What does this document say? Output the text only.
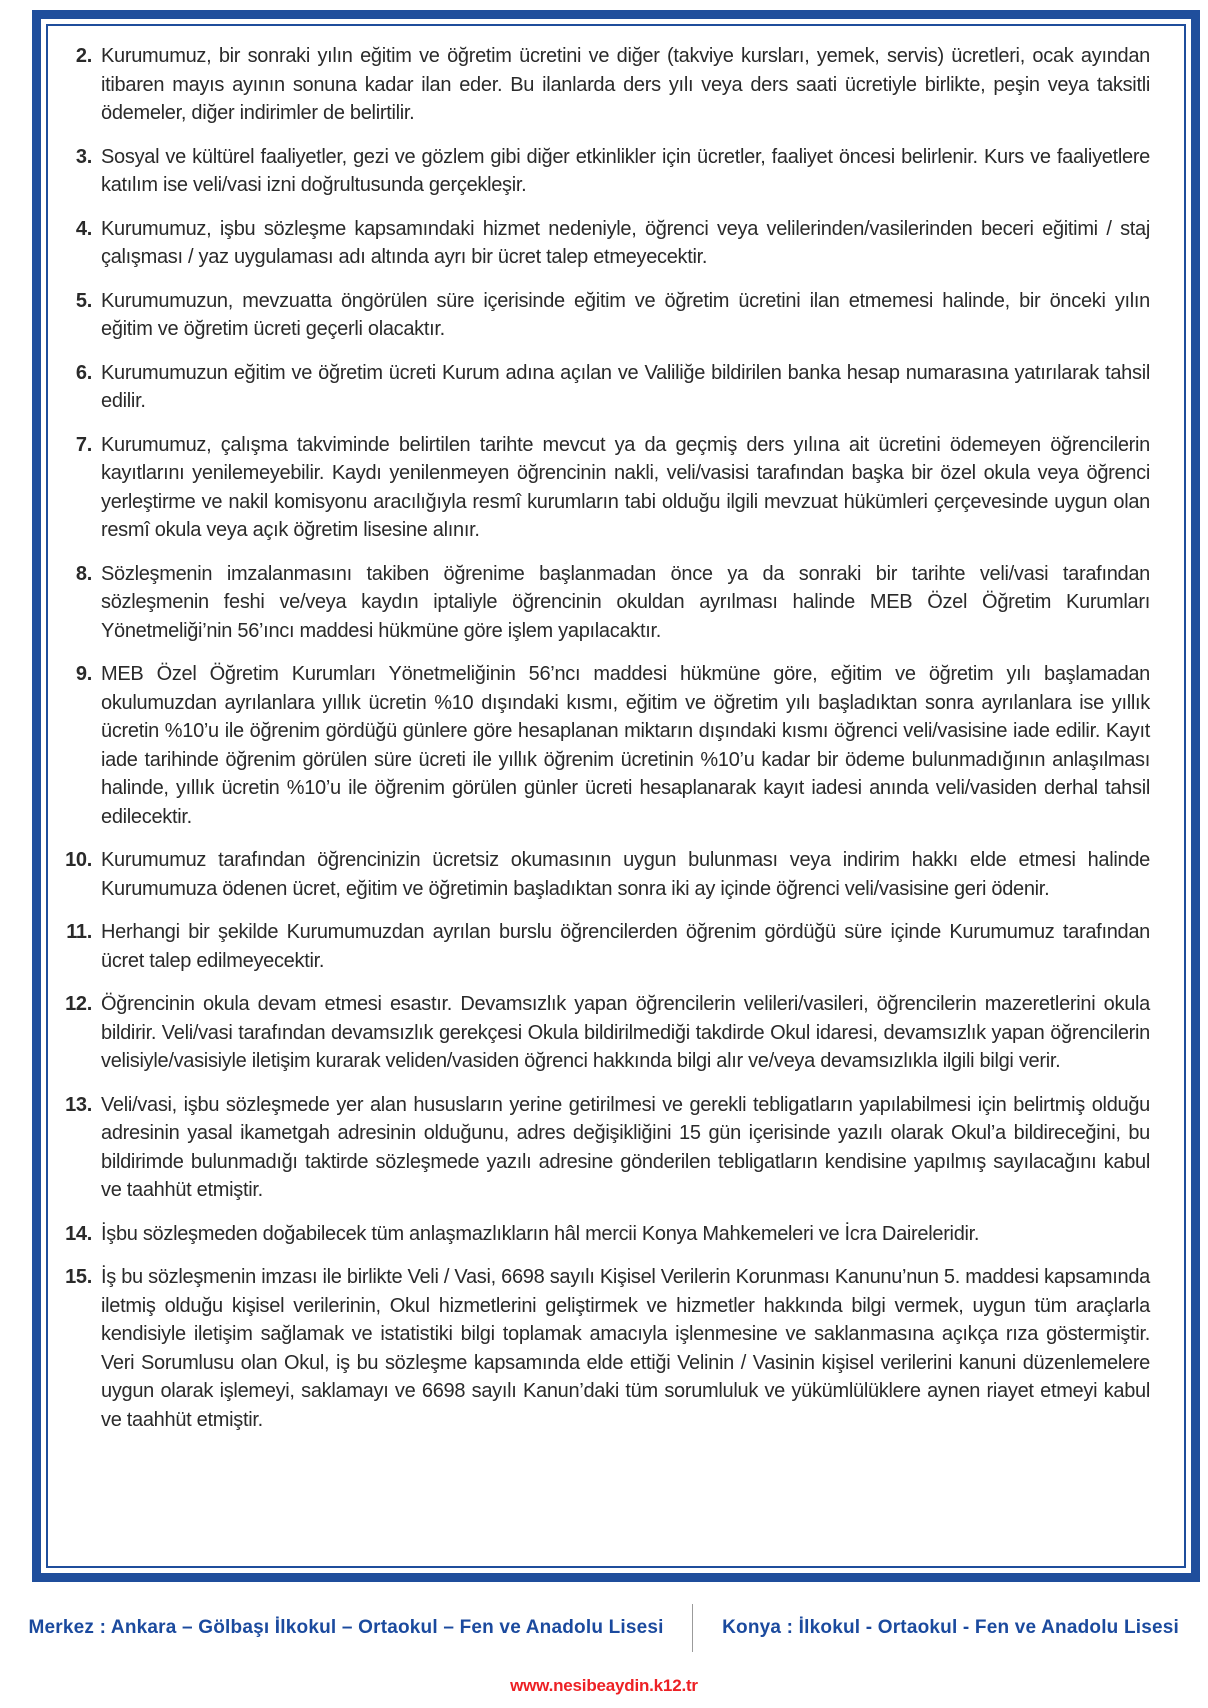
2. Kurumumuz, bir sonraki yılın eğitim ve öğretim ücretini ve diğer (takviye kursları, yemek, servis) ücretleri, ocak ayından itibaren mayıs ayının sonuna kadar ilan eder. Bu ilanlarda ders yılı veya ders saati ücretiyle birlikte, peşin veya taksitli ödemeler, diğer indirimler de belirtilir.
3. Sosyal ve kültürel faaliyetler, gezi ve gözlem gibi diğer etkinlikler için ücretler, faaliyet öncesi belirlenir. Kurs ve faaliyetlere katılım ise veli/vasi izni doğrultusunda gerçekleşir.
4. Kurumumuz, işbu sözleşme kapsamındaki hizmet nedeniyle, öğrenci veya velilerinden/vasilerinden beceri eğitimi / staj çalışması / yaz uygulaması adı altında ayrı bir ücret talep etmeyecektir.
5. Kurumumuzun, mevzuatta öngörülen süre içerisinde eğitim ve öğretim ücretini ilan etmemesi halinde, bir önceki yılın eğitim ve öğretim ücreti geçerli olacaktır.
6. Kurumumuzun eğitim ve öğretim ücreti Kurum adına açılan ve Valiliğe bildirilen banka hesap numarasına yatırılarak tahsil edilir.
7. Kurumumuz, çalışma takviminde belirtilen tarihte mevcut ya da geçmiş ders yılına ait ücretini ödemeyen öğrencilerin kayıtlarını yenilemeyebilir. Kaydı yenilenmeyen öğrencinin nakli, veli/vasisi tarafından başka bir özel okula veya öğrenci yerleştirme ve nakil komisyonu aracılığıyla resmî kurumların tabi olduğu ilgili mevzuat hükümleri çerçevesinde uygun olan resmî okula veya açık öğretim lisesine alınır.
8. Sözleşmenin imzalanmasını takiben öğrenime başlanmadan önce ya da sonraki bir tarihte veli/vasi tarafından sözleşmenin feshi ve/veya kaydın iptaliyle öğrencinin okuldan ayrılması halinde MEB Özel Öğretim Kurumları Yönetmeliği’nin 56’ıncı maddesi hükmüne göre işlem yapılacaktır.
9. MEB Özel Öğretim Kurumları Yönetmeliğinin 56’ncı maddesi hükmüne göre, eğitim ve öğretim yılı başlamadan okulumuzdan ayrılanlara yıllık ücretin %10 dışındaki kısmı, eğitim ve öğretim yılı başladıktan sonra ayrılanlara ise yıllık ücretin %10’u ile öğrenim gördüğü günlere göre hesaplanan miktarın dışındaki kısmı öğrenci veli/vasisine iade edilir. Kayıt iade tarihinde öğrenim görülen süre ücreti ile yıllık öğrenim ücretinin %10’u kadar bir ödeme bulunmadığının anlaşılması halinde, yıllık ücretin %10’u ile öğrenim görülen günler ücreti hesaplanarak kayıt iadesi anında veli/vasiden derhal tahsil edilecektir.
10. Kurumumuz tarafından öğrencinizin ücretsiz okumasının uygun bulunması veya indirim hakkı elde etmesi halinde Kurumumuza ödenen ücret, eğitim ve öğretimin başladıktan sonra iki ay içinde öğrenci veli/vasisine geri ödenir.
11. Herhangi bir şekilde Kurumumuzdan ayrılan burslu öğrencilerden öğrenim gördüğü süre içinde Kurumumuz tarafından ücret talep edilmeyecektir.
12. Öğrencinin okula devam etmesi esastır. Devamsızlık yapan öğrencilerin velileri/vasileri, öğrencilerin mazeretlerini okula bildirir. Veli/vasi tarafından devamsızlık gerekçesi Okula bildirilmediği takdirde Okul idaresi, devamsızlık yapan öğrencilerin velisiyle/vasisiyle iletişim kurarak veliden/vasiden öğrenci hakkında bilgi alır ve/veya devamsızlıkla ilgili bilgi verir.
13. Veli/vasi, işbu sözleşmede yer alan hususların yerine getirilmesi ve gerekli tebligatların yapılabilmesi için belirtmiş olduğu adresinin yasal ikametgah adresinin olduğunu, adres değişikliğini 15 gün içerisinde yazılı olarak Okul’a bildireceğini, bu bildirimde bulunmadığı taktirde sözleşmede yazılı adresine gönderilen tebligatların kendisine yapılmış sayılacağını kabul ve taahhüt etmiştir.
14. İşbu sözleşmeden doğabilecek tüm anlaşmazlıkların hâl mercii Konya Mahkemeleri ve İcra Daireleridir.
15. İş bu sözleşmenin imzası ile birlikte Veli / Vasi, 6698 sayılı Kişisel Verilerin Korunması Kanunu’nun 5. maddesi kapsamında iletmiş olduğu kişisel verilerinin, Okul hizmetlerini geliştirmek ve hizmetler hakkında bilgi vermek, uygun tüm araçlarla kendisiyle iletişim sağlamak ve istatistiki bilgi toplamak amacıyla işlenmesine ve saklanmasına açıkça rıza göstermiştir. Veri Sorumlusu olan Okul, iş bu sözleşme kapsamında elde ettiği Velinin / Vasinin kişisel verilerini kanuni düzenlemelere uygun olarak işlemeyi, saklamayı ve 6698 sayılı Kanun’daki tüm sorumluluk ve yükümlülüklere aynen riayet etmeyi kabul ve taahhüt etmiştir.
Merkez : Ankara – Gölbaşı İlkokul – Ortaokul – Fen ve Anadolu Lisesi	Konya : İlkokul - Ortaokul - Fen ve Anadolu Lisesi
www.nesibeaydin.k12.tr
